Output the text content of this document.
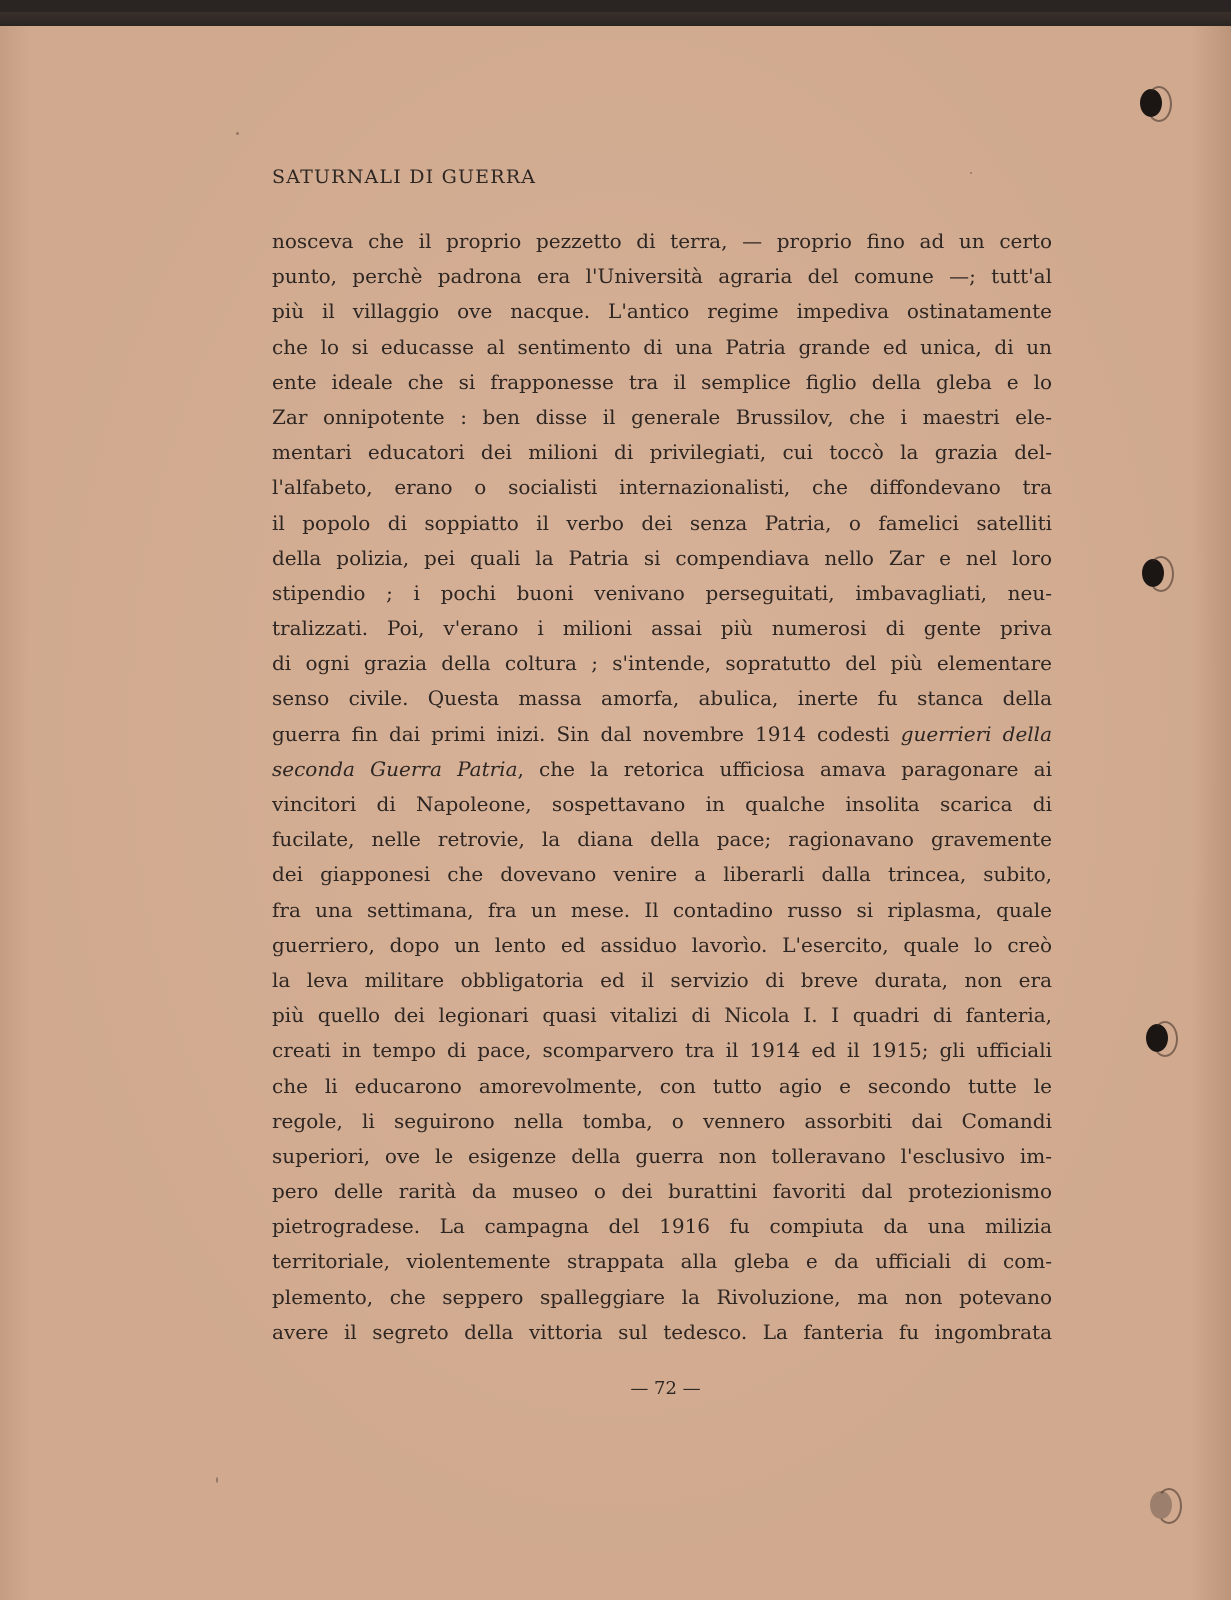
SATURNALI DI GUERRA
nosceva che il proprio pezzetto di terra, — proprio fino ad un certo
punto, perchè padrona era l'Università agraria del comune —; tutt'al
più il villaggio ove nacque. L'antico regime impediva ostinatamente
che lo si educasse al sentimento di una Patria grande ed unica, di un
ente ideale che si frapponesse tra il semplice figlio della gleba e lo
Zar onnipotente : ben disse il generale Brussilov, che i maestri ele-
mentari educatori dei milioni di privilegiati, cui toccò la grazia del-
l'alfabeto, erano o socialisti internazionalisti, che diffondevano tra
il popolo di soppiatto il verbo dei senza Patria, o famelici satelliti
della polizia, pei quali la Patria si compendiava nello Zar e nel loro
stipendio ; i pochi buoni venivano perseguitati, imbavagliati, neu-
tralizzati. Poi, v'erano i milioni assai più numerosi di gente priva
di ogni grazia della coltura ; s'intende, sopratutto del più elementare
senso civile. Questa massa amorfa, abulica, inerte fu stanca della
guerra fin dai primi inizi. Sin dal novembre 1914 codesti guerrieri della
seconda Guerra Patria, che la retorica ufficiosa amava paragonare ai
vincitori di Napoleone, sospettavano in qualche insolita scarica di
fucilate, nelle retrovie, la diana della pace; ragionavano gravemente
dei giapponesi che dovevano venire a liberarli dalla trincea, subito,
fra una settimana, fra un mese. Il contadino russo si riplasma, quale
guerriero, dopo un lento ed assiduo lavorìo. L'esercito, quale lo creò
la leva militare obbligatoria ed il servizio di breve durata, non era
più quello dei legionari quasi vitalizi di Nicola I. I quadri di fanteria,
creati in tempo di pace, scomparvero tra il 1914 ed il 1915; gli ufficiali
che li educarono amorevolmente, con tutto agio e secondo tutte le
regole, li seguirono nella tomba, o vennero assorbiti dai Comandi
superiori, ove le esigenze della guerra non tolleravano l'esclusivo im-
pero delle rarità da museo o dei burattini favoriti dal protezionismo
pietrogradese. La campagna del 1916 fu compiuta da una milizia
territoriale, violentemente strappata alla gleba e da ufficiali di com-
plemento, che seppero spalleggiare la Rivoluzione, ma non potevano
avere il segreto della vittoria sul tedesco. La fanteria fu ingombrata
— 72 —
